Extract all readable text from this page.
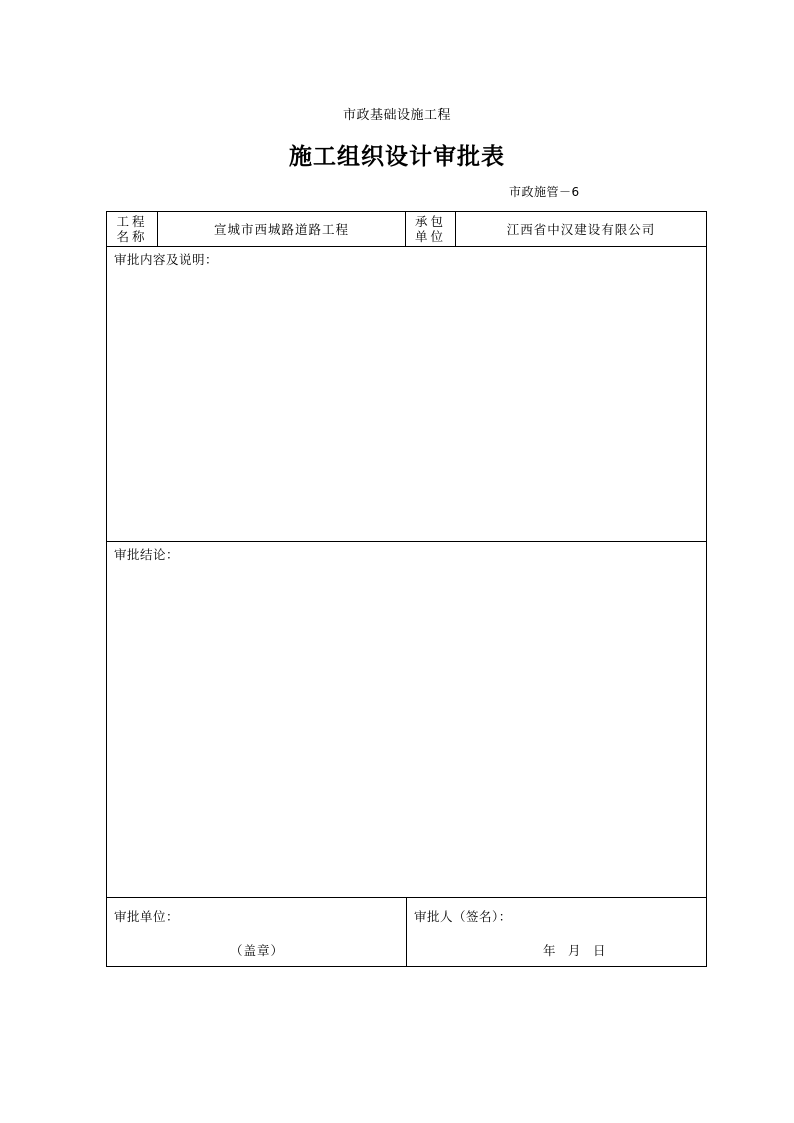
市政基础设施工程
施工组织设计审批表
市政施管－6
工程
名称	宣城市西城路道路工程
承包
单位	江西省中汉建设有限公司
审批内容及说明：
审批结论：
审批单位：
（盖章）
审批人（签名）：
年　月　日
